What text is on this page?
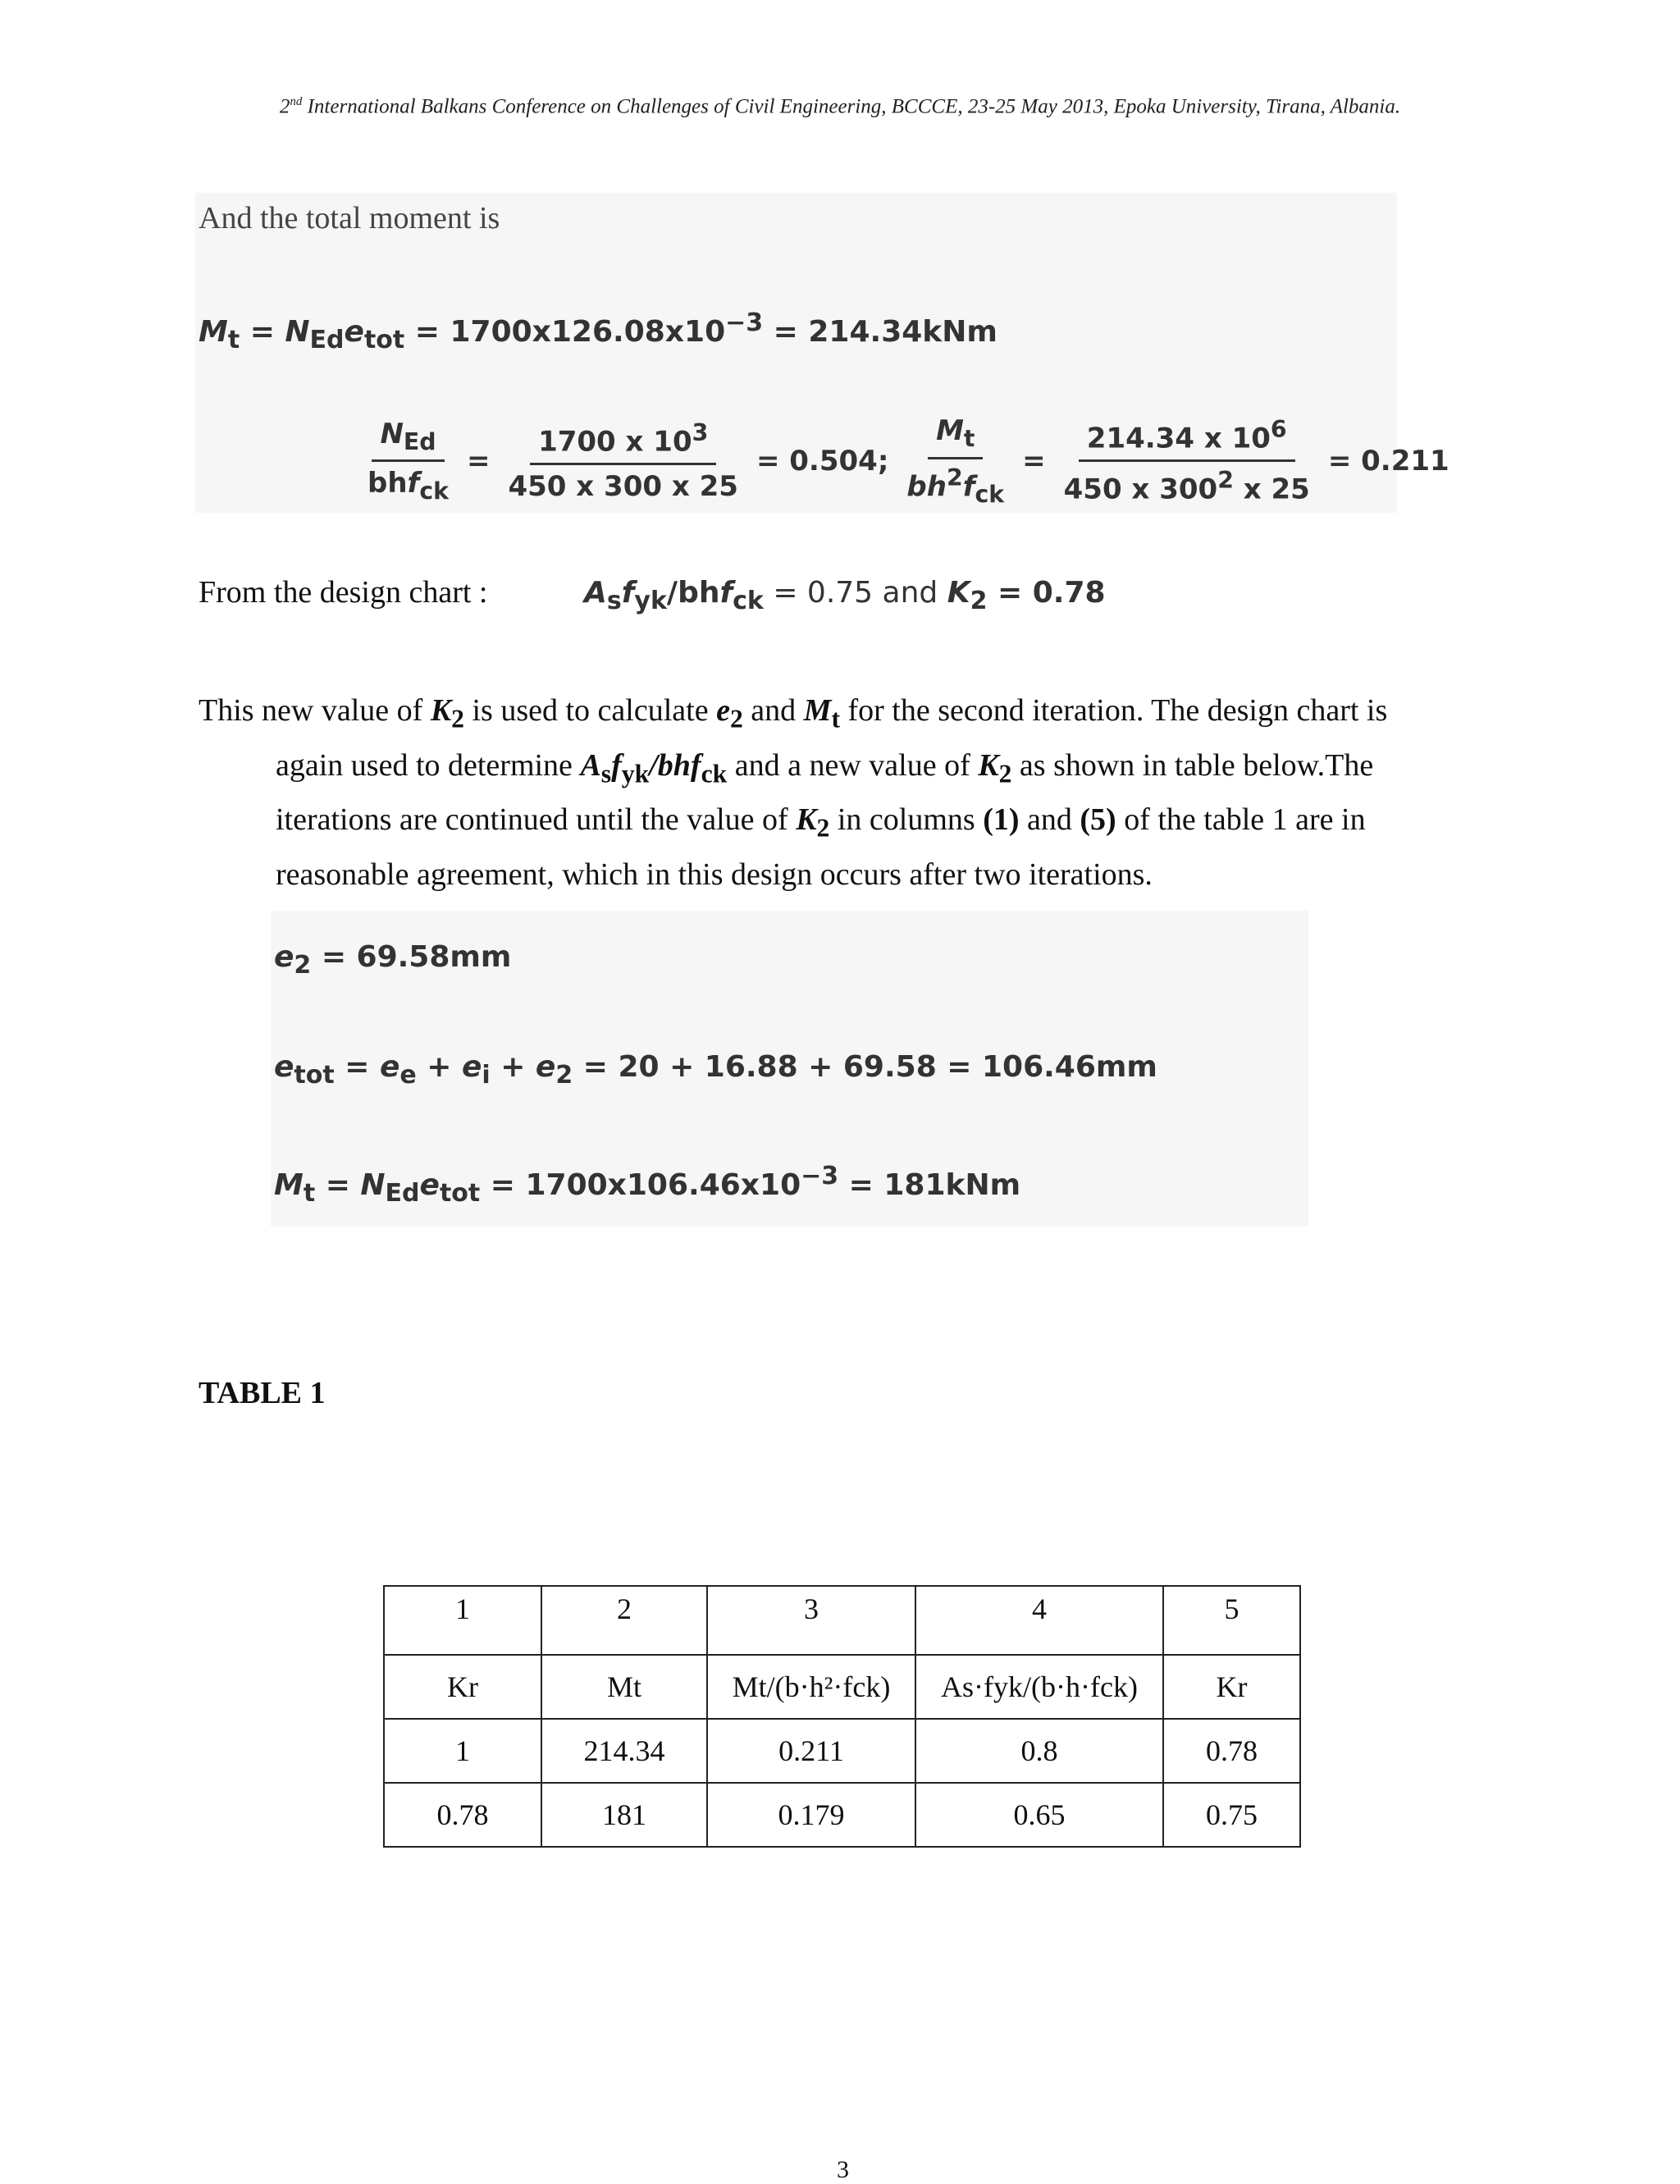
2nd International Balkans Conference on Challenges of Civil Engineering, BCCCE, 23-25 May 2013, Epoka University, Tirana, Albania.
And the total moment is
$M_t = N_{Ed}e_{tot} = 1700x126.08x10^{-3} = 214.34kNm$
$\frac{N_{Ed}}{bhf_{ck}} = \frac{1700 x 10^3}{450 x 300 x 25} = 0.504$; $\frac{M_t}{bh^2f_{ck}} = \frac{214.34 x 10^6}{450 x 300^2 x 25} = 0.211$
From the design chart :	$A_sf_{yk}/bhf_{ck} = 0.75$ and $K_2 = 0.78$
This new value of $K_2$ is used to calculate $e_2$ and $M_t$ for the second iteration. The design chart is
again used to determine $A_sf_{yk}/bhf_{ck}$ and a new value of $K_2$ as shown in table below.The
iterations are continued until the value of $K_2$ in columns (1) and (5) of the table 1 are in
reasonable agreement, which in this design occurs after two iterations.
$e_2 = 69.58mm$
$e_{tot} = e_e + e_i + e_2 = 20 + 16.88 + 69.58 = 106.46mm$
$M_t = N_{Ed}e_{tot} = 1700x106.46x10^{-3} = 181kNm$
TABLE 1
1	2	3	4	5
Kr	Mt	Mt/(b·h²·fck)	As·fyk/(b·h·fck)	Kr
1	214.34	0.211	0.8	0.78
0.78	181	0.179	0.65	0.75
3
